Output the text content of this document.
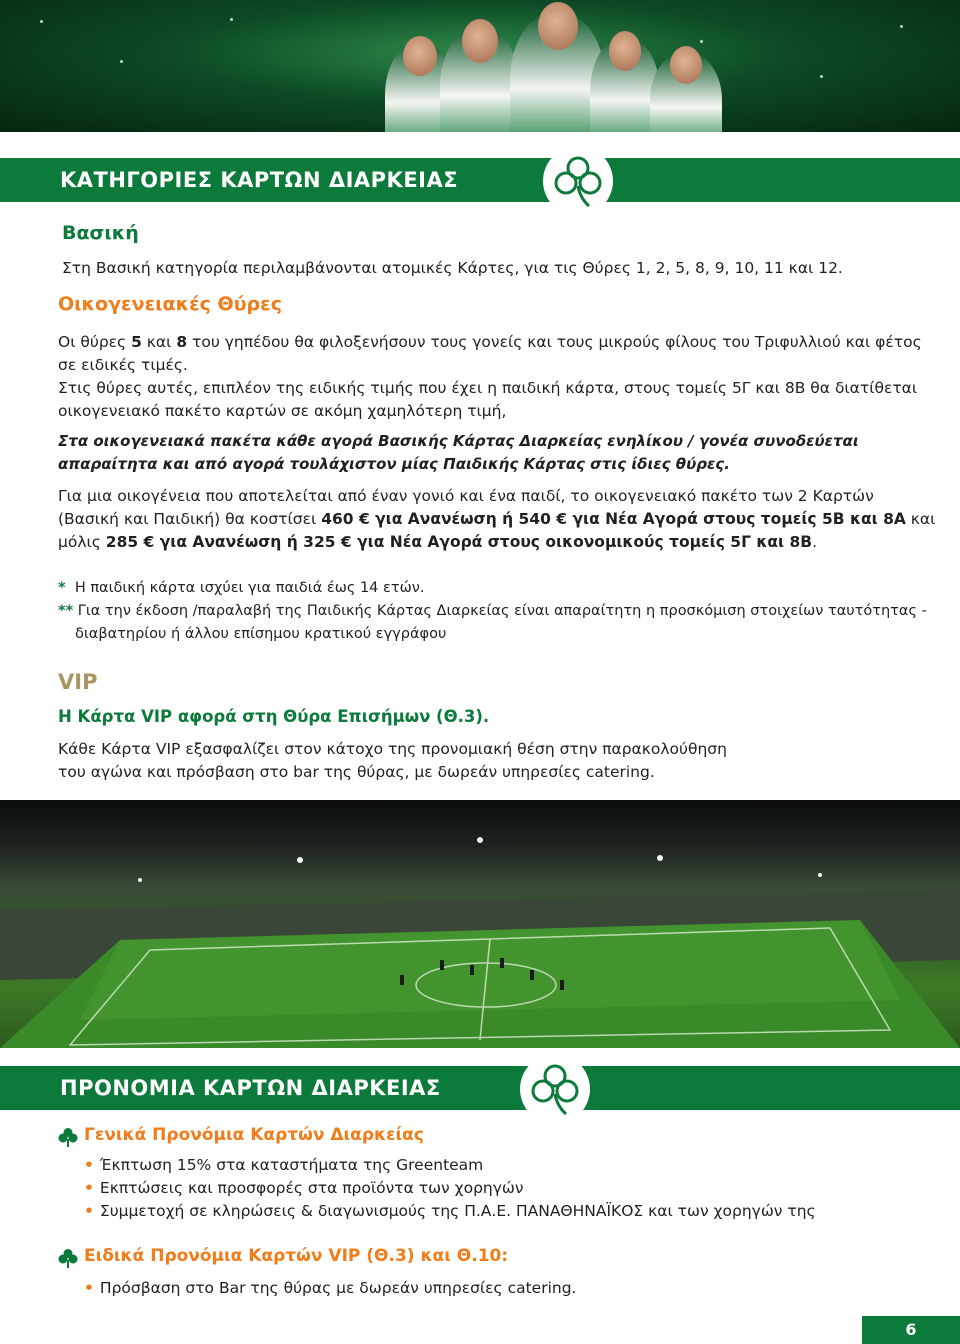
ΚΑΤΗΓΟΡΙΕΣ ΚΑΡΤΩΝ ΔΙΑΡΚΕΙΑΣ
Βασική
Στη Βασική κατηγορία περιλαμβάνονται ατομικές Κάρτες, για τις Θύρες 1, 2, 5, 8, 9, 10, 11 και 12.
Οικογενειακές Θύρες
Οι θύρες 5 και 8 του γηπέδου θα φιλοξενήσουν τους γονείς και τους μικρούς φίλους του Τριφυλλιού και φέτος
σε ειδικές τιμές.
Στις θύρες αυτές, επιπλέον της ειδικής τιμής που έχει η παιδική κάρτα, στους τομείς 5Γ και 8Β θα διατίθεται
οικογενειακό πακέτο καρτών σε ακόμη χαμηλότερη τιμή,
Στα οικογενειακά πακέτα κάθε αγορά Βασικής Κάρτας Διαρκείας ενηλίκου / γονέα συνοδεύεται
απαραίτητα και από αγορά τουλάχιστον μίας Παιδικής Κάρτας στις ίδιες θύρες.
Για μια οικογένεια που αποτελείται από έναν γονιό και ένα παιδί, το οικογενειακό πακέτο των 2 Καρτών
(Βασική και Παιδική) θα κοστίσει 460 € για Ανανέωση ή 540 € για Νέα Αγορά στους τομείς 5Β και 8Α και
μόλις 285 € για Ανανέωση ή 325 € για Νέα Αγορά στους οικονομικούς τομείς 5Γ και 8Β.
* Η παιδική κάρτα ισχύει για παιδιά έως 14 ετών.
** Για την έκδοση /παραλαβή της Παιδικής Κάρτας Διαρκείας είναι απαραίτητη η προσκόμιση στοιχείων ταυτότητας -
διαβατηρίου ή άλλου επίσημου κρατικού εγγράφου
VIP
Η Κάρτα VIP αφορά στη Θύρα Επισήμων (Θ.3).
Κάθε Κάρτα VIP εξασφαλίζει στον κάτοχο της προνομιακή θέση στην παρακολούθηση
του αγώνα και πρόσβαση στο bar της θύρας, με δωρεάν υπηρεσίες catering.
ΠΡΟΝΟΜΙΑ ΚΑΡΤΩΝ ΔΙΑΡΚΕΙΑΣ
Γενικά Προνόμια Καρτών Διαρκείας
• Έκπτωση 15% στα καταστήματα της Greenteam
• Εκπτώσεις και προσφορές στα προϊόντα των χορηγών
• Συμμετοχή σε κληρώσεις & διαγωνισμούς της Π.Α.Ε. ΠΑΝΑΘΗΝΑΪΚΟΣ και των χορηγών της
Ειδικά Προνόμια Καρτών VIP (Θ.3) και Θ.10:
• Πρόσβαση στο Bar της θύρας με δωρεάν υπηρεσίες catering.
6
